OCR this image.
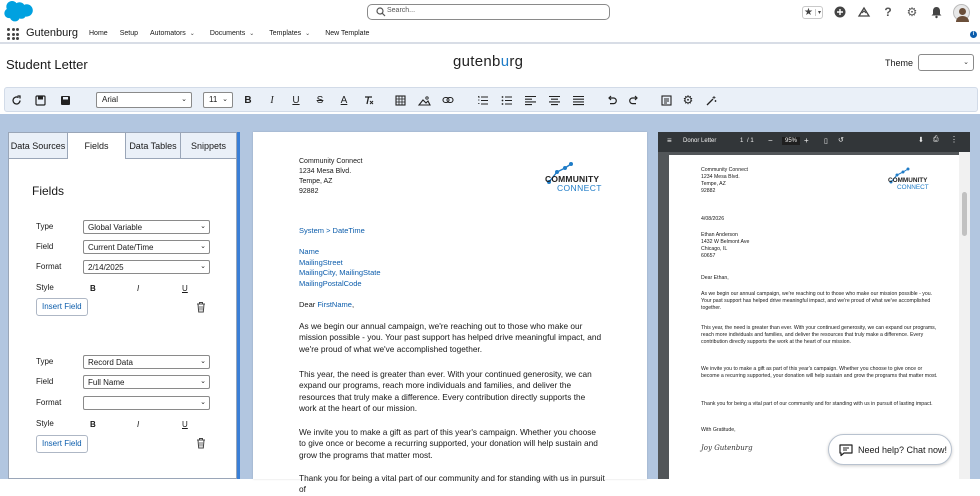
Search...	★ ▾	? ⚙
Gutenburg Home Setup Automators ⌄ Documents ⌄ Templates ⌄ New Template	i
Student Letter	gutenburg	Theme	⌄
Arial	⌄	11 ⌄	B	I	U	S	A	⚙
Data Sources Fields Data Tables Snippets
Fields
Type	Global Variable	⌄
Field	Current Date/Time	⌄
Format	2/14/2025	⌄
Style	B	I	U
Insert Field
Type	Record Data	⌄
Field	Full Name	⌄
Format	⌄
Style	B	I	U
Insert Field
Community Connect
1234 Mesa Blvd.
Tempe, AZ
92882
COMMUNITY
CONNECT
System > DateTime
Name
MailingStreet
MailingCity, MailingState
MailingPostalCode
Dear FirstName,
As we begin our annual campaign, we're reaching out to those who make our mission possible - you. Your past support has helped drive meaningful impact, and we're proud of what we've accomplished together.
This year, the need is greater than ever. With your continued generosity, we can expand our programs, reach more individuals and families, and deliver the resources that truly make a difference. Every contribution directly supports the work at the heart of our mission.
We invite you to make a gift as part of this year's campaign. Whether you choose to give once or become a recurring supported, your donation will help sustain and grow the programs that matter most.
Thank you for being a vital part of our community and for standing with us in pursuit of
≡ Donor Letter	1 / 1 −	95% + ▯ ↺	⬇ ⎙ ⋮
Community Connect
1234 Mesa Blvd.
Tempe, AZ
92882
COMMUNITY
CONNECT
4/08/2026
Ethan Anderson
1432 W Belmont Ave
Chicago, IL
60657
Dear Ethan,
As we begin our annual campaign, we're reaching out to those who make our mission possible - you. Your past support has helped drive meaningful impact, and we're proud of what we've accomplished together.
This year, the need is greater than ever. With your continued generosity, we can expand our programs, reach more individuals and families, and deliver the resources that truly make a difference. Every contribution directly supports the work at the heart of our mission.
We invite you to make a gift as part of this year's campaign. Whether you choose to give once or become a recurring supported, your donation will help sustain and grow the programs that matter most.
Thank you for being a vital part of our community and for standing with us in pursuit of lasting impact.
With Gratitude,
Joy Gutenburg	Need help? Chat now!
